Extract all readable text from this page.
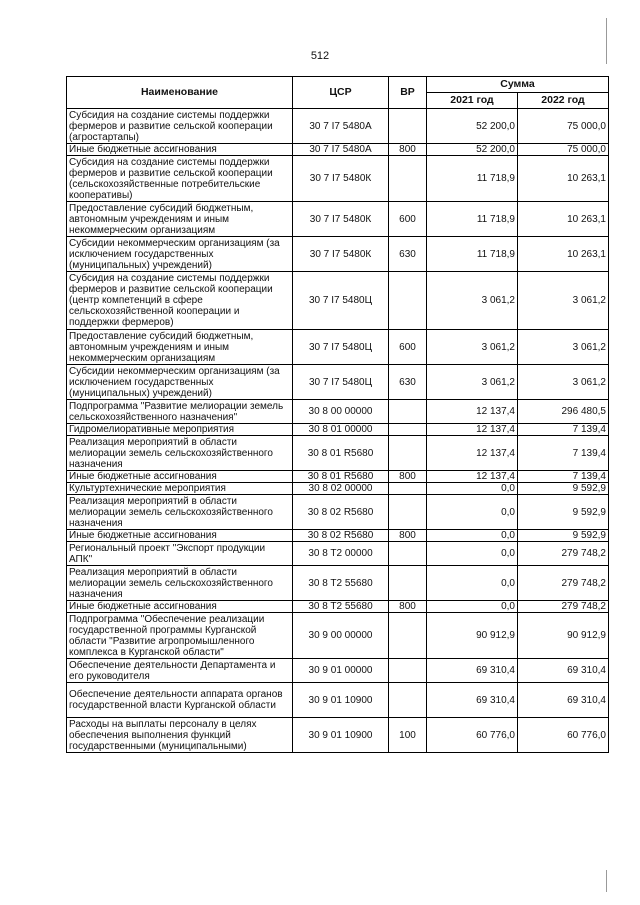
512
Наименование	ЦСР	ВР	Сумма	
			2021 год	2022 год
Субсидия на создание системы поддержки фермеров и развитие сельской кооперации (агростартапы)	30 7 I7 5480А		52 200,0	75 000,0
Иные бюджетные ассигнования	30 7 I7 5480А	800	52 200,0	75 000,0
Субсидия на создание системы поддержки фермеров и развитие сельской кооперации (сельскохозяйственные потребительские кооперативы)	30 7 I7 5480К		11 718,9	10 263,1
Предоставление субсидий бюджетным, автономным учреждениям и иным некоммерческим организациям	30 7 I7 5480К	600	11 718,9	10 263,1
Субсидии некоммерческим организациям (за исключением государственных (муниципальных) учреждений)	30 7 I7 5480К	630	11 718,9	10 263,1
Субсидия на создание системы поддержки фермеров и развитие сельской кооперации (центр компетенций в сфере сельскохозяйственной кооперации и поддержки фермеров)	30 7 I7 5480Ц		3 061,2	3 061,2
Предоставление субсидий бюджетным, автономным учреждениям и иным некоммерческим организациям	30 7 I7 5480Ц	600	3 061,2	3 061,2
Субсидии некоммерческим организациям (за исключением государственных (муниципальных) учреждений)	30 7 I7 5480Ц	630	3 061,2	3 061,2
Подпрограмма "Развитие мелиорации земель сельскохозяйственного назначения"	30 8 00 00000		12 137,4	296 480,5
Гидромелиоративные мероприятия	30 8 01 00000		12 137,4	7 139,4
Реализация мероприятий в области мелиорации земель сельскохозяйственного назначения	30 8 01 R5680		12 137,4	7 139,4
Иные бюджетные ассигнования	30 8 01 R5680	800	12 137,4	7 139,4
Культуртехнические мероприятия	30 8 02 00000		0,0	9 592,9
Реализация мероприятий в области мелиорации земель сельскохозяйственного назначения	30 8 02 R5680		0,0	9 592,9
Иные бюджетные ассигнования	30 8 02 R5680	800	0,0	9 592,9
Региональный проект "Экспорт продукции АПК"	30 8 T2 00000		0,0	279 748,2
Реализация мероприятий в области мелиорации земель сельскохозяйственного назначения	30 8 T2 55680		0,0	279 748,2
Иные бюджетные ассигнования	30 8 T2 55680	800	0,0	279 748,2
Подпрограмма "Обеспечение реализации государственной программы Курганской области "Развитие агропромышленного комплекса в Курганской области"	30 9 00 00000		90 912,9	90 912,9
Обеспечение деятельности Департамента и его руководителя	30 9 01 00000		69 310,4	69 310,4
Обеспечение деятельности аппарата органов государственной власти Курганской области	30 9 01 10900		69 310,4	69 310,4
Расходы на выплаты персоналу в целях обеспечения выполнения функций государственными (муниципальными)	30 9 01 10900	100	60 776,0	60 776,0
